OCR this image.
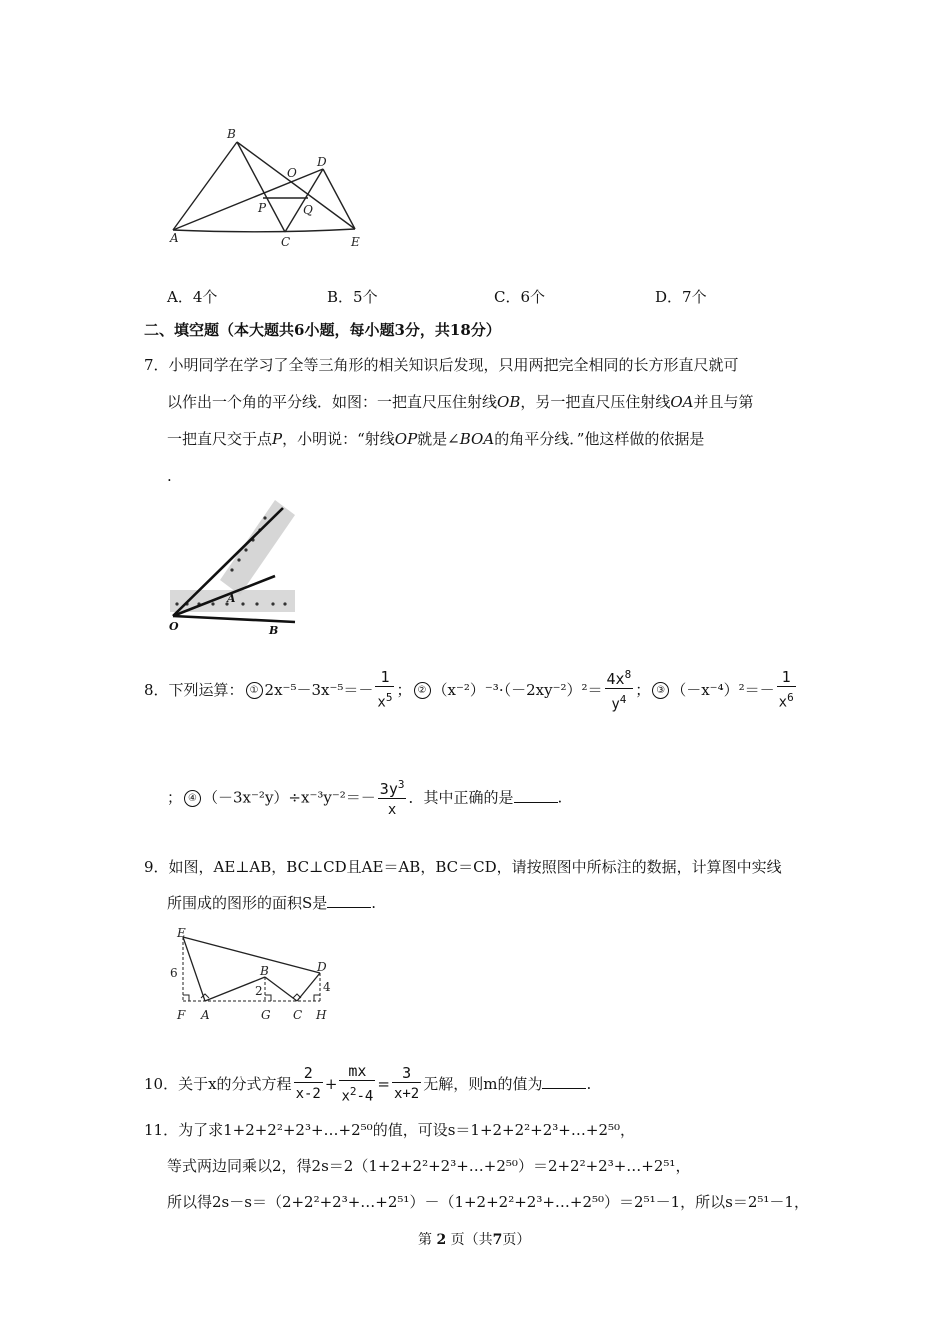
B
O
D
P	Q
A	C	E
A．4个	B．5个	C．6个	D．7个
二、填空题（本大题共6小题，每小题3分，共18分）
7．小明同学在学习了全等三角形的相关知识后发现，只用两把完全相同的长方形直尺就可
以作出一个角的平分线．如图：一把直尺压住射线OB，另一把直尺压住射线OA并且与第
一把直尺交于点P，小明说：“射线OP就是∠BOA的角平分线．”他这样做的依据是
.
O	B
A
8．下列运算： ① $2x^{-5}-3x^{-5}=- \frac{1}{x^5}$ ； ② $(x^{-2})^{-3}\cdot(-2xy^{-2})^2= \frac{4x^8}{y^4}$ ； ③ $(-x^{-4})^2=- \frac{1}{x^6}$
； ④ $(-3x^{-2}y)\div x^{-3}y^{-2}=- \frac{3y^3}{x}$ ．其中正确的是	.
9．如图，AE⊥AB，BC⊥CD且AE＝AB，BC＝CD，请按照图中所标注的数据，计算图中实线
所围成的图形的面积S是	.
E
D
B
6
2	4
F A	G C H
10．关于x的分式方程 $\frac{2}{x-2} + \frac{mx}{x^2-4} = \frac{3}{x+2}$ 无解，则m的值为	.
11．为了求1+2+2²+2³+…+2⁵⁰的值，可设s＝1+2+2²+2³+…+2⁵⁰，
等式两边同乘以2，得2s＝2（1+2+2²+2³+…+2⁵⁰）＝2+2²+2³+…+2⁵¹，
所以得2s－s＝（2+2²+2³+…+2⁵¹）－（1+2+2²+2³+…+2⁵⁰）＝2⁵¹－1，所以s＝2⁵¹－1，
第 2 页（共7页）
